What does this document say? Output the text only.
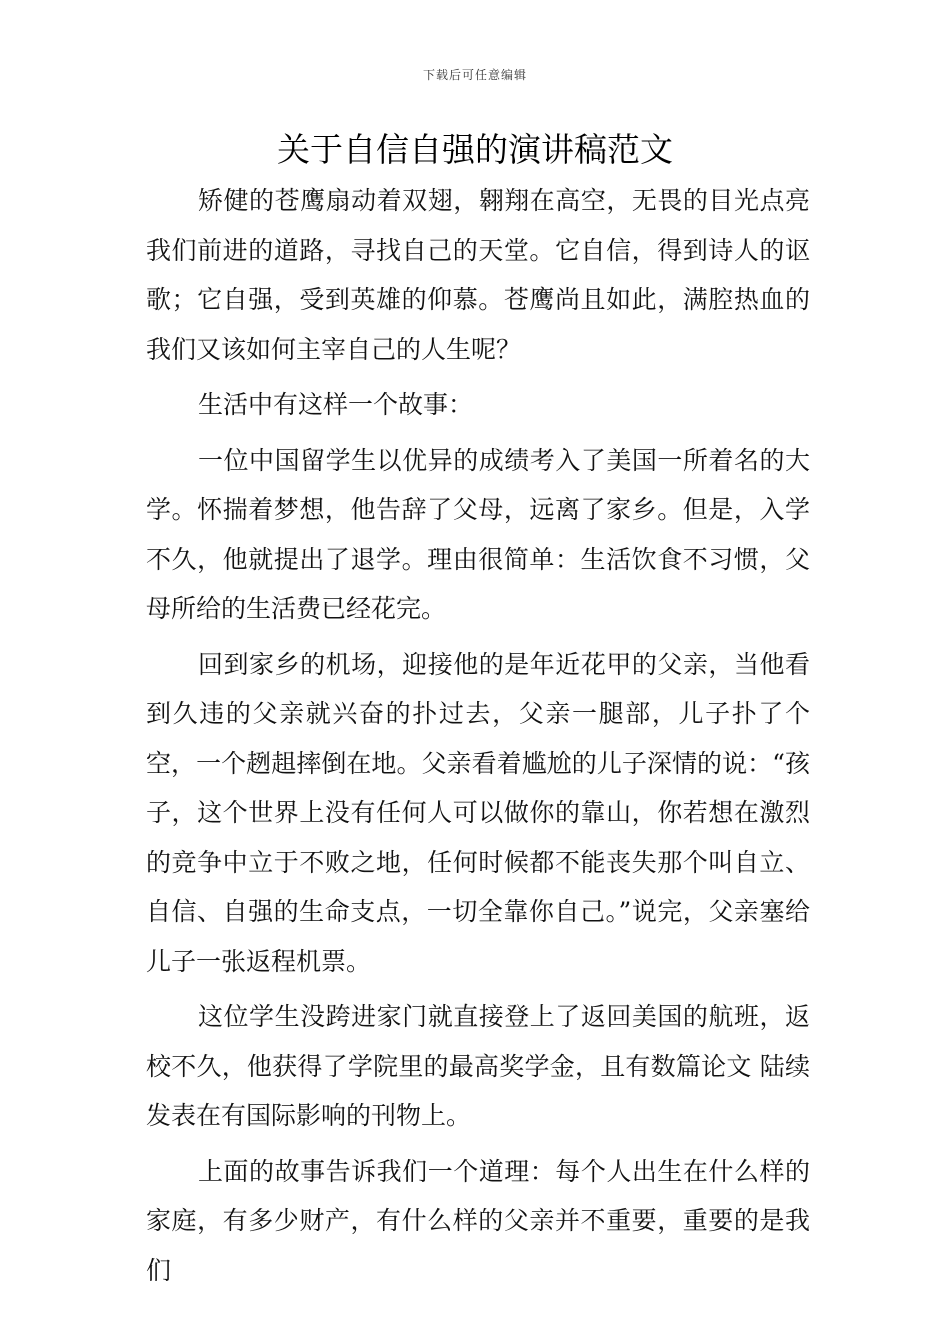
下载后可任意编辑
关于自信自强的演讲稿范文

矫健的苍鹰扇动着双翅，翱翔在高空，无畏的目光点亮我们前进的道路，寻找自己的天堂。它自信，得到诗人的讴歌；它自强，受到英雄的仰慕。苍鹰尚且如此，满腔热血的我们又该如何主宰自己的人生呢？

生活中有这样一个故事：

一位中国留学生以优异的成绩考入了美国一所着名的大学。怀揣着梦想，他告辞了父母，远离了家乡。但是，入学不久，他就提出了退学。理由很简单：生活饮食不习惯，父母所给的生活费已经花完。

回到家乡的机场，迎接他的是年近花甲的父亲，当他看到久违的父亲就兴奋的扑过去，父亲一腿部，儿子扑了个空，一个趔趄摔倒在地。父亲看着尴尬的儿子深情的说：“孩子，这个世界上没有任何人可以做你的靠山，你若想在激烈的竞争中立于不败之地，任何时候都不能丧失那个叫自立、自信、自强的生命支点，一切全靠你自己。”说完，父亲塞给儿子一张返程机票。

这位学生没跨进家门就直接登上了返回美国的航班，返校不久，他获得了学院里的最高奖学金，且有数篇论文 陆续发表在有国际影响的刊物上。

上面的故事告诉我们一个道理：每个人出生在什么样的家庭，有多少财产，有什么样的父亲并不重要，重要的是我们
